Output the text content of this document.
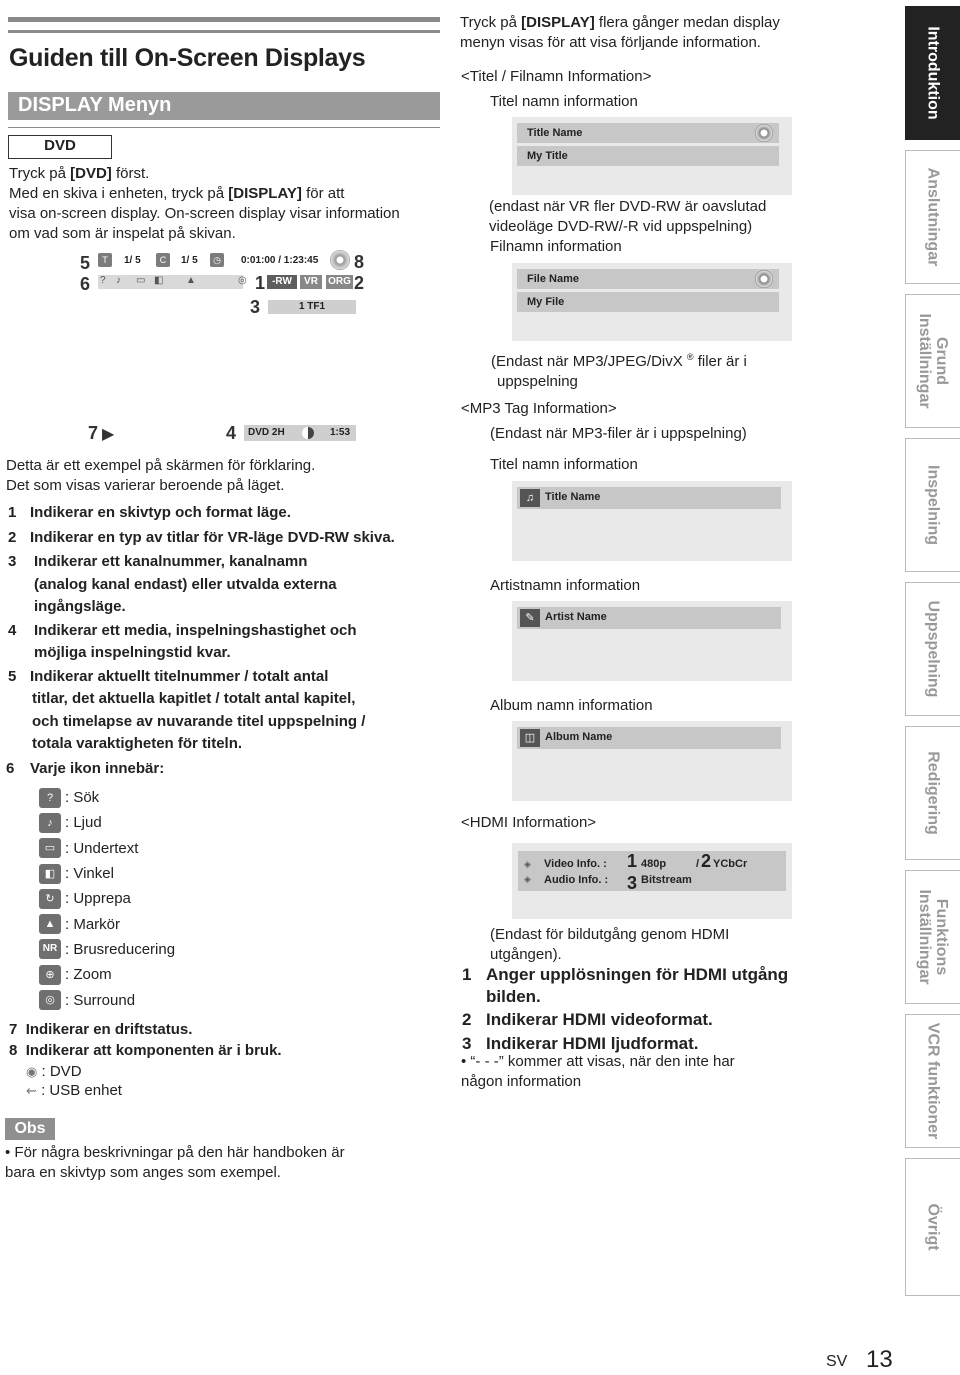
Guiden till On-Screen Displays
DISPLAY Menyn
DVD
Tryck på [DVD] först.
Med en skiva i enheten, tryck på [DISPLAY] för att
visa on-screen display. On-screen display visar information
om vad som är inspelat på skivan.
5
6
T	1/ 5	C	1/ 5	◷	0:01:00 / 1:23:45 8
? ♪ ▭ ◧ ▲	◎ 1 -RW	VR	ORG 2
3	1 TF1
7 ▶	4 DVD 2H	1:53
Detta är ett exempel på skärmen för förklaring.
Det som visas varierar beroende på läget.
1 Indikerar en skivtyp och format läge.
2 Indikerar en typ av titlar för VR-läge DVD-RW skiva.
3 Indikerar ett kanalnummer, kanalnamn
(analog kanal endast) eller utvalda externa
ingångsläge.
4 Indikerar ett media, inspelningshastighet och
möjliga inspelningstid kvar.
5 Indikerar aktuellt titelnummer / totalt antal
titlar, det aktuella kapitlet / totalt antal kapitel,
och timelapse av nuvarande titel uppspelning /
totala varaktigheten för titeln.
6 Varje ikon innebär:
? : Sök
♪ : Ljud
▭ : Undertext
◧ : Vinkel
↻ : Upprepa
▲ : Markör
NR : Brusreducering
⊕ : Zoom
◎ : Surround
7 Indikerar en driftstatus.
8 Indikerar att komponenten är i bruk.
◉ : DVD
⇜ : USB enhet
Obs
• För några beskrivningar på den här handboken är
bara en skivtyp som anges som exempel.
Tryck på [DISPLAY] flera gånger medan display
menyn visas för att visa förljande information.
<Titel / Filnamn Information>
Titel namn information
Title Name
My Title
(endast när VR fler DVD-RW är oavslutad
videoläge DVD-RW/-R vid uppspelning)
Filnamn information
File Name
My File
(Endast när MP3/JPEG/DivX ® filer är i
uppspelning
<MP3 Tag Information>
(Endast när MP3-filer är i uppspelning)
Titel namn information
Title Name
♫
Artistnamn information
Artist Name
✎
Album namn information
Album Name
◫
<HDMI Information>
◈
◈
Video Info. : 1 480p	/ 2 YCbCr
Audio Info. : 3 Bitstream
(Endast för bildutgång genom HDMI
utgången).
1 Anger upplösningen för HDMI utgång
bilden.
2 Indikerar HDMI videoformat.
3 Indikerar HDMI ljudformat.
• “- - -” kommer att visas, när den inte har
någon information
Introduktion
Anslutningar
Grund
Inställningar
Inspelning
Uppspelning
Redigering
Funktions
Inställningar
VCR funktioner
Övrigt
SV 13
